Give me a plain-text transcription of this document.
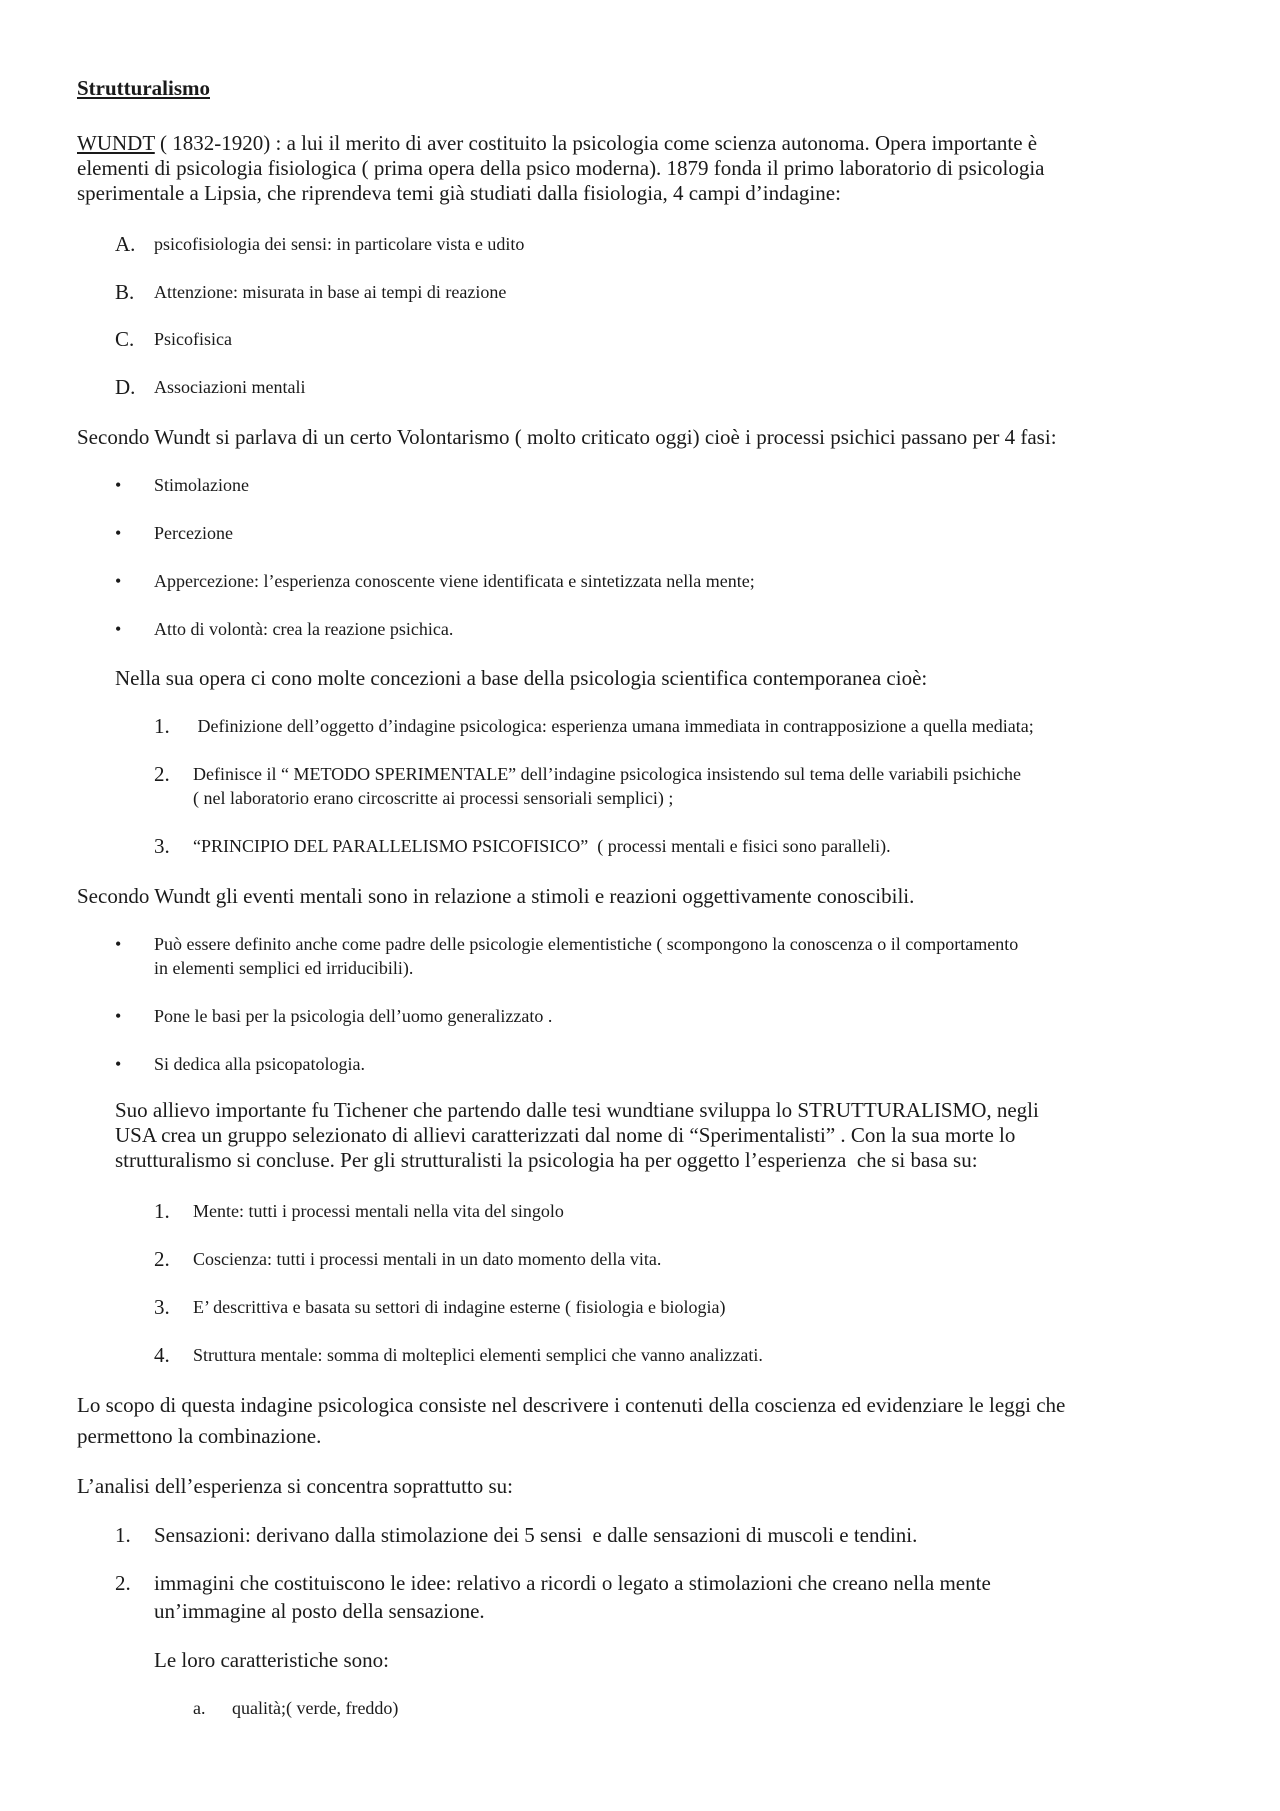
Strutturalismo
WUNDT ( 1832-1920) : a lui il merito di aver costituito la psicologia come scienza autonoma. Opera importante è
elementi di psicologia fisiologica ( prima opera della psico moderna). 1879 fonda il primo laboratorio di psicologia
sperimentale a Lipsia, che riprendeva temi già studiati dalla fisiologia, 4 campi d’indagine:
A. psicofisiologia dei sensi: in particolare vista e udito
B. Attenzione: misurata in base ai tempi di reazione
C. Psicofisica
D. Associazioni mentali
Secondo Wundt si parlava di un certo Volontarismo ( molto criticato oggi) cioè i processi psichici passano per 4 fasi:
• Stimolazione
• Percezione
• Appercezione: l’esperienza conoscente viene identificata e sintetizzata nella mente;
• Atto di volontà: crea la reazione psichica.
Nella sua opera ci cono molte concezioni a base della psicologia scientifica contemporanea cioè:
1. Definizione dell’oggetto d’indagine psicologica: esperienza umana immediata in contrapposizione a quella mediata;
2. Definisce il “ METODO SPERIMENTALE” dell’indagine psicologica insistendo sul tema delle variabili psichiche
( nel laboratorio erano circoscritte ai processi sensoriali semplici) ;
3. “PRINCIPIO DEL PARALLELISMO PSICOFISICO”  ( processi mentali e fisici sono paralleli).
Secondo Wundt gli eventi mentali sono in relazione a stimoli e reazioni oggettivamente conoscibili.
• Può essere definito anche come padre delle psicologie elementistiche ( scompongono la conoscenza o il comportamento
in elementi semplici ed irriducibili).
• Pone le basi per la psicologia dell’uomo generalizzato .
• Si dedica alla psicopatologia.
Suo allievo importante fu Tichener che partendo dalle tesi wundtiane sviluppa lo STRUTTURALISMO, negli
USA crea un gruppo selezionato di allievi caratterizzati dal nome di “Sperimentalisti” . Con la sua morte lo
strutturalismo si concluse. Per gli strutturalisti la psicologia ha per oggetto l’esperienza  che si basa su:
1. Mente: tutti i processi mentali nella vita del singolo
2. Coscienza: tutti i processi mentali in un dato momento della vita.
3. E’ descrittiva e basata su settori di indagine esterne ( fisiologia e biologia)
4. Struttura mentale: somma di molteplici elementi semplici che vanno analizzati.
Lo scopo di questa indagine psicologica consiste nel descrivere i contenuti della coscienza ed evidenziare le leggi che
permettono la combinazione.
L’analisi dell’esperienza si concentra soprattutto su:
1. Sensazioni: derivano dalla stimolazione dei 5 sensi  e dalle sensazioni di muscoli e tendini.
2. immagini che costituiscono le idee: relativo a ricordi o legato a stimolazioni che creano nella mente
un’immagine al posto della sensazione.
Le loro caratteristiche sono:
a. qualità;( verde, freddo)
